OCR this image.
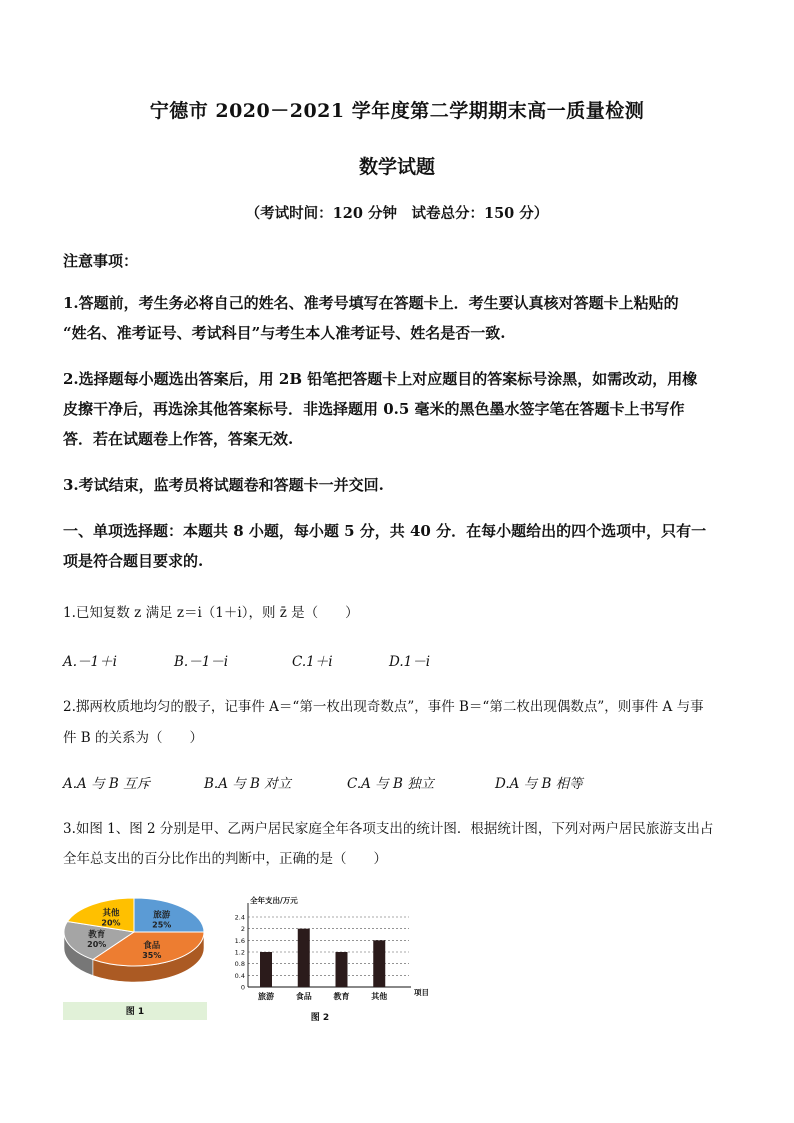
宁德市 2020－2021 学年度第二学期期末高一质量检测
数学试题
（考试时间：120 分钟　试卷总分：150 分）
注意事项：
1.答题前，考生务必将自己的姓名、准考号填写在答题卡上．考生要认真核对答题卡上粘贴的
“姓名、准考证号、考试科目”与考生本人准考证号、姓名是否一致.
2.选择题每小题选出答案后，用 2B 铅笔把答题卡上对应题目的答案标号涂黑，如需改动，用橡
皮擦干净后，再选涂其他答案标号．非选择题用 0.5 毫米的黑色墨水签字笔在答题卡上书写作
答．若在试题卷上作答，答案无效.
3.考试结束，监考员将试题卷和答题卡一并交回.
一、单项选择题：本题共 8 小题，每小题 5 分，共 40 分．在每小题给出的四个选项中，只有一
项是符合题目要求的.
1.已知复数 z 满足 z＝i（1＋i），则 z̄ 是（　　）
A.－1＋i	B.－1－i	C.1＋i	D.1－i
2.掷两枚质地均匀的骰子，记事件 A＝“第一枚出现奇数点”，事件 B＝“第二枚出现偶数点”，则事件 A 与事
件 B 的关系为（　　）
A.A 与 B 互斥	B.A 与 B 对立	C.A 与 B 独立	D.A 与 B 相等
3.如图 1、图 2 分别是甲、乙两户居民家庭全年各项支出的统计图．根据统计图，下列对两户居民旅游支出占
全年总支出的百分比作出的判断中，正确的是（　　）
旅游
25%
食品
35%
教育
20%
其他
20%
图 1
全年支出/万元
0
0.4
0.8
1.2
1.6
2
2.4
旅游	食品	教育	其他	项目
图 2
